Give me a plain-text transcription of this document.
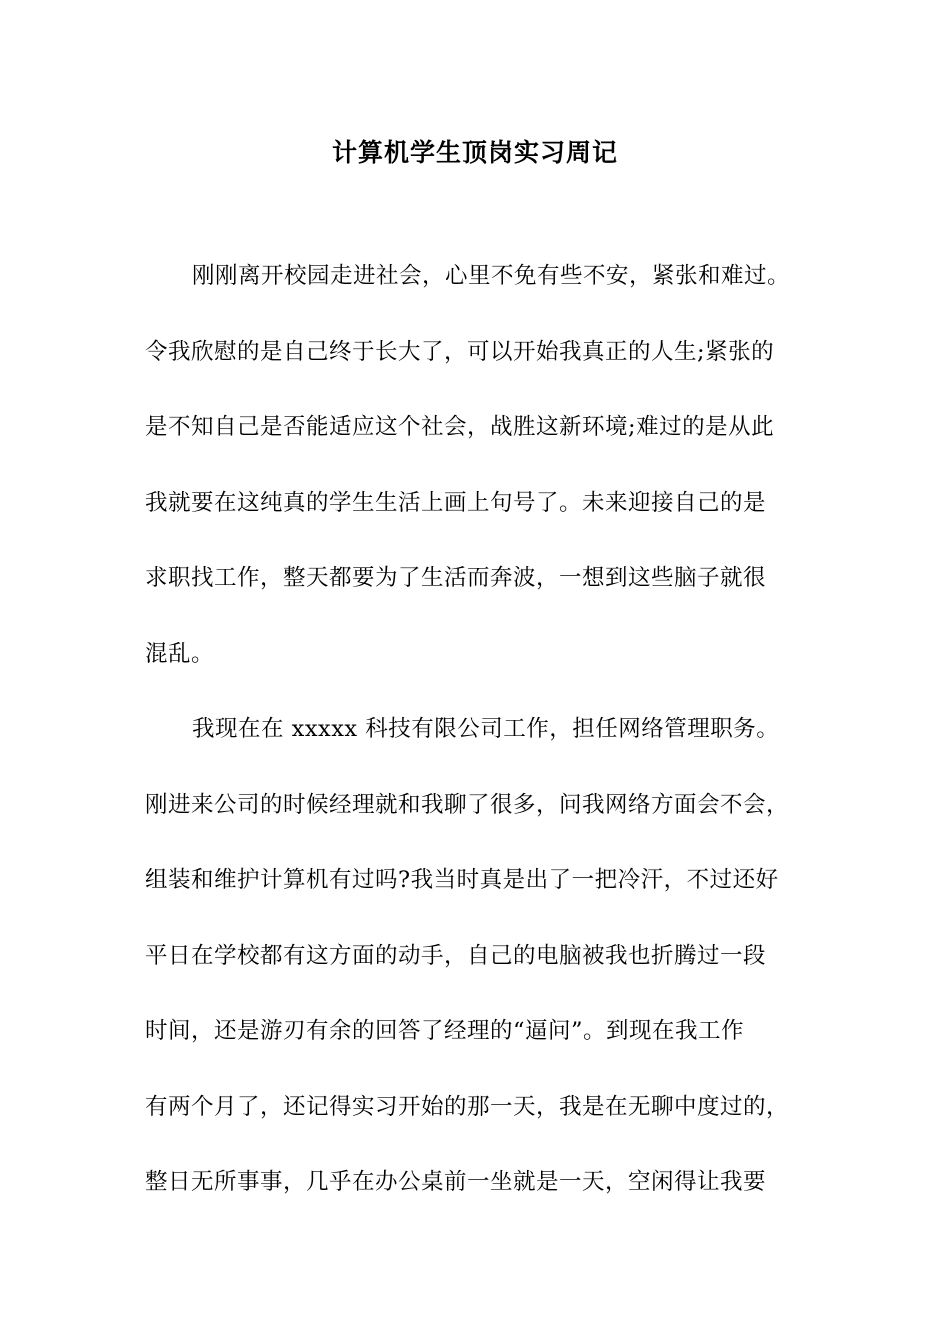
计算机学生顶岗实习周记
刚刚离开校园走进社会，心里不免有些不安，紧张和难过。
令我欣慰的是自己终于长大了，可以开始我真正的人生;紧张的
是不知自己是否能适应这个社会，战胜这新环境;难过的是从此
我就要在这纯真的学生生活上画上句号了。未来迎接自己的是
求职找工作，整天都要为了生活而奔波，一想到这些脑子就很
混乱。
我现在在 xxxxx 科技有限公司工作，担任网络管理职务。
刚进来公司的时候经理就和我聊了很多，问我网络方面会不会，
组装和维护计算机有过吗?我当时真是出了一把冷汗，不过还好
平日在学校都有这方面的动手，自己的电脑被我也折腾过一段
时间，还是游刃有余的回答了经理的“逼问”。到现在我工作
有两个月了，还记得实习开始的那一天，我是在无聊中度过的，
整日无所事事，几乎在办公桌前一坐就是一天，空闲得让我要
